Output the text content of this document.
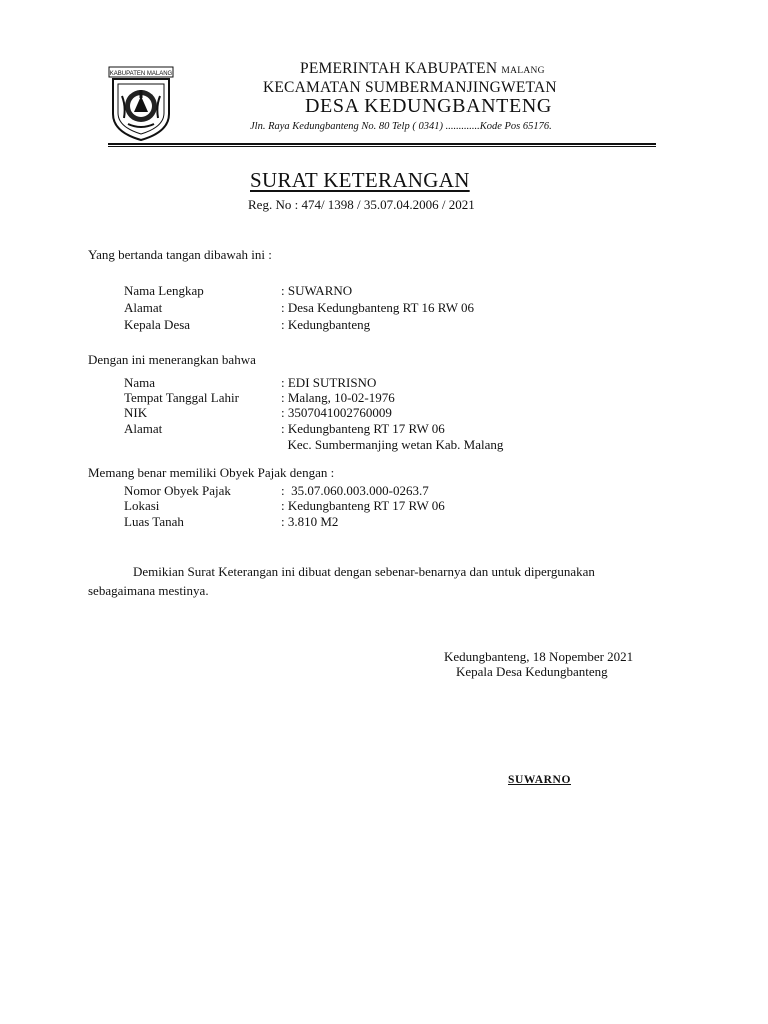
KABUPATEN MALANG	PEMERINTAH KABUPATEN MALANG
KECAMATAN SUMBERMANJINGWETAN
DESA KEDUNGBANTENG
Jln. Raya Kedungbanteng No. 80 Telp ( 0341) .............Kode Pos 65176.
SURAT KETERANGAN
Reg. No : 474/ 1398 / 35.07.04.2006 / 2021
Yang bertanda tangan dibawah ini :
Nama Lengkap	: SUWARNO
Alamat	: Desa Kedungbanteng RT 16 RW 06
Kepala Desa	: Kedungbanteng
Dengan ini menerangkan bahwa
Nama	: EDI SUTRISNO
Tempat Tanggal Lahir	: Malang, 10-02-1976
NIK	: 3507041002760009
Alamat	: Kedungbanteng RT 17 RW 06
Kec. Sumbermanjing wetan Kab. Malang
Memang benar memiliki Obyek Pajak dengan :
Nomor Obyek Pajak	:  35.07.060.003.000-0263.7
Lokasi	: Kedungbanteng RT 17 RW 06
Luas Tanah	: 3.810 M2
Demikian Surat Keterangan ini dibuat dengan sebenar-benarnya dan untuk dipergunakan sebagaimana mestinya.
Kedungbanteng, 18 Nopember 2021
Kepala Desa Kedungbanteng
SUWARNO
